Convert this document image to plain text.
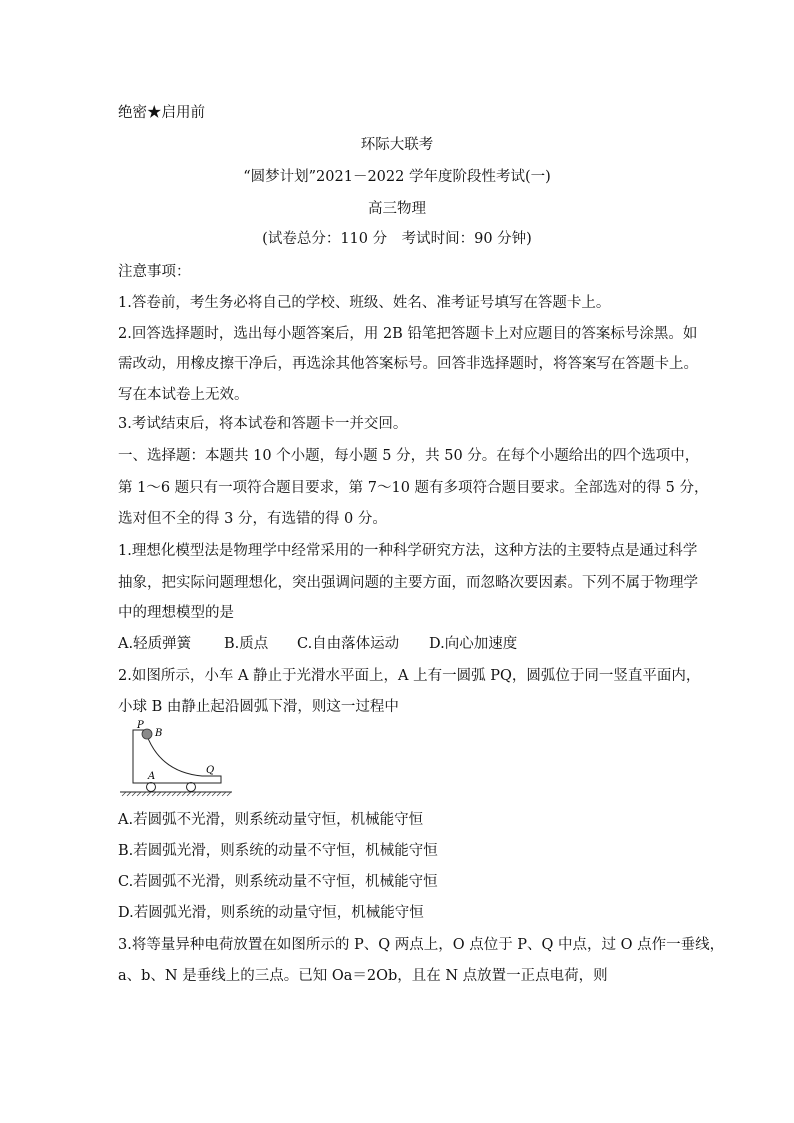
绝密★启用前
环际大联考
“圆梦计划”2021－2022 学年度阶段性考试(一)
高三物理
(试卷总分：110 分　考试时间：90 分钟)
注意事项：
1.答卷前，考生务必将自己的学校、班级、姓名、准考证号填写在答题卡上。
2.回答选择题时，选出每小题答案后，用 2B 铅笔把答题卡上对应题目的答案标号涂黑。如
需改动，用橡皮擦干净后，再选涂其他答案标号。回答非选择题时，将答案写在答题卡上。
写在本试卷上无效。
3.考试结束后，将本试卷和答题卡一并交回。
一、选择题：本题共 10 个小题，每小题 5 分，共 50 分。在每个小题给出的四个选项中，
第 1～6 题只有一项符合题目要求，第 7～10 题有多项符合题目要求。全部选对的得 5 分，
选对但不全的得 3 分，有选错的得 0 分。
1.理想化模型法是物理学中经常采用的一种科学研究方法，这种方法的主要特点是通过科学
抽象，把实际问题理想化，突出强调问题的主要方面，而忽略次要因素。下列不属于物理学
中的理想模型的是
A.轻质弹簧 B.质点 C.自由落体运动 D.向心加速度
2.如图所示，小车 A 静止于光滑水平面上，A 上有一圆弧 PQ，圆弧位于同一竖直平面内，
小球 B 由静止起沿圆弧下滑，则这一过程中
P
B
A
Q
A.若圆弧不光滑，则系统动量守恒，机械能守恒
B.若圆弧光滑，则系统的动量不守恒，机械能守恒
C.若圆弧不光滑，则系统动量不守恒，机械能守恒
D.若圆弧光滑，则系统的动量守恒，机械能守恒
3.将等量异种电荷放置在如图所示的 P、Q 两点上，O 点位于 P、Q 中点，过 O 点作一垂线，
a、b、N 是垂线上的三点。已知 Oa＝2Ob，且在 N 点放置一正点电荷，则
